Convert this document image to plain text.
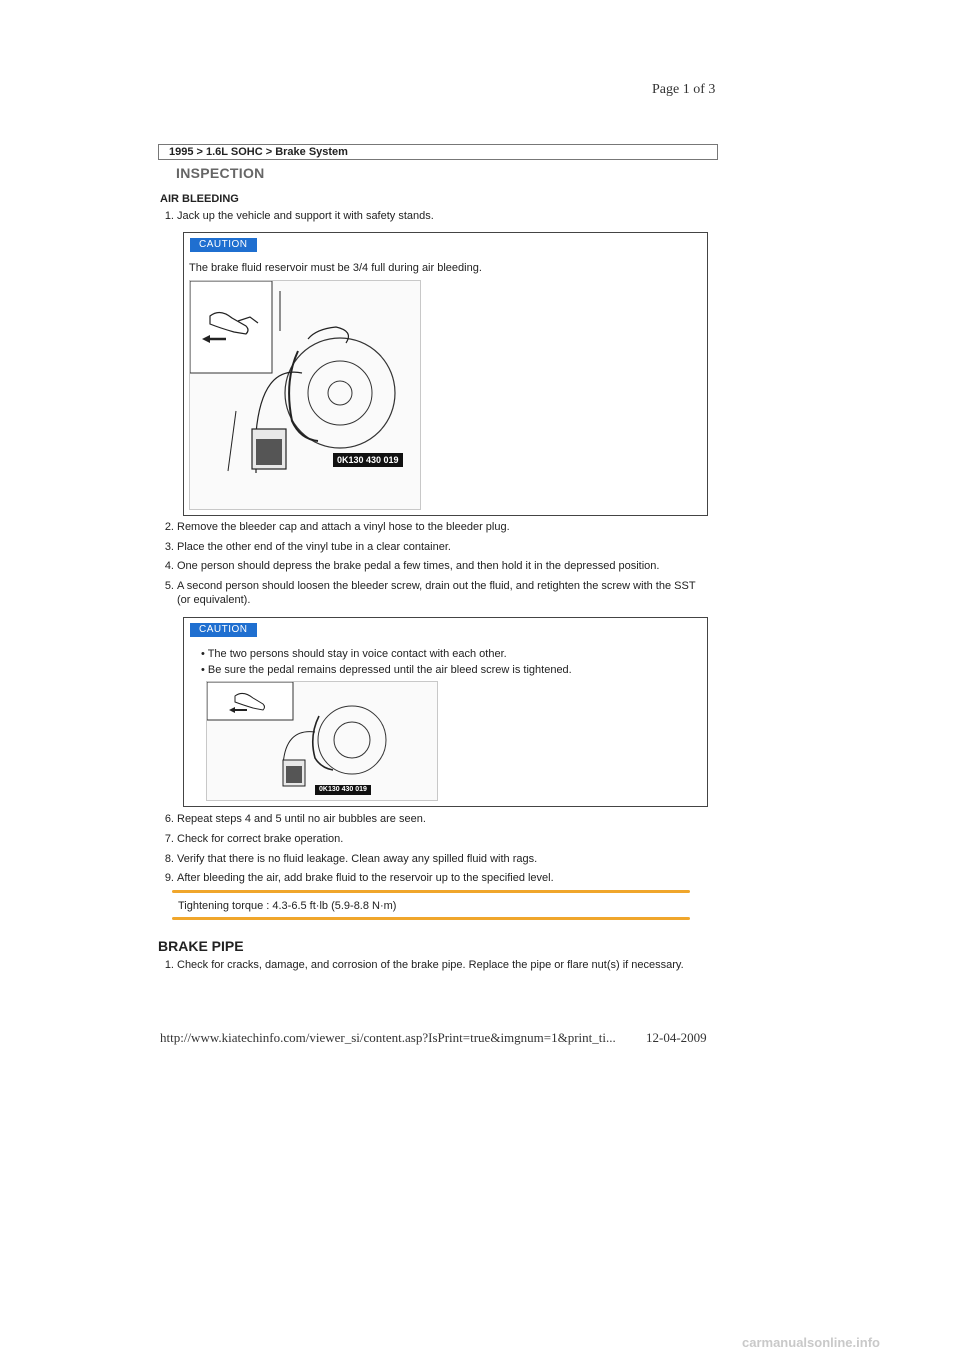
Page 1 of 3
1995 > 1.6L SOHC > Brake System
INSPECTION
AIR BLEEDING
1. Jack up the vehicle and support it with safety stands.
CAUTION
The brake fluid reservoir must be 3/4 full during air bleeding.
0K130 430 019
2. Remove the bleeder cap and attach a vinyl hose to the bleeder plug.
3. Place the other end of the vinyl tube in a clear container.
4. One person should depress the brake pedal a few times, and then hold it in the depressed position.
5. A second person should loosen the bleeder screw, drain out the fluid, and retighten the screw with the SST (or equivalent).
CAUTION
• The two persons should stay in voice contact with each other.
• Be sure the pedal remains depressed until the air bleed screw is tightened.
0K130 430 019
6. Repeat steps 4 and 5 until no air bubbles are seen.
7. Check for correct brake operation.
8. Verify that there is no fluid leakage. Clean away any spilled fluid with rags.
9. After bleeding the air, add brake fluid to the reservoir up to the specified level.
Tightening torque : 4.3-6.5 ft·lb (5.9-8.8 N·m)
BRAKE PIPE
1. Check for cracks, damage, and corrosion of the brake pipe. Replace the pipe or flare nut(s) if necessary.
http://www.kiatechinfo.com/viewer_si/content.asp?IsPrint=true&imgnum=1&print_ti... 12-04-2009
carmanualsonline.info
